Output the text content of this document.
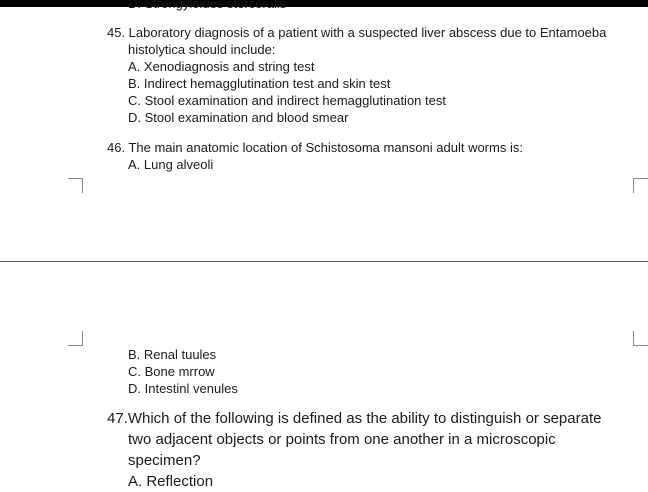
D. Strongyloides stercoralis
45. Laboratory diagnosis of a patient with a suspected liver abscess due to Entamoeba
histolytica should include:
A. Xenodiagnosis and string test
B. Indirect hemagglutination test and skin test
C. Stool examination and indirect hemagglutination test
D. Stool examination and blood smear
46. The main anatomic location of Schistosoma mansoni adult worms is:
A. Lung alveoli
B. Renal tuules
C. Bone mrrow
D. Intestinl venules
47.Which of the following is defined as the ability to distinguish or separate
two adjacent objects or points from one another in a microscopic
specimen?
A. Reflection
